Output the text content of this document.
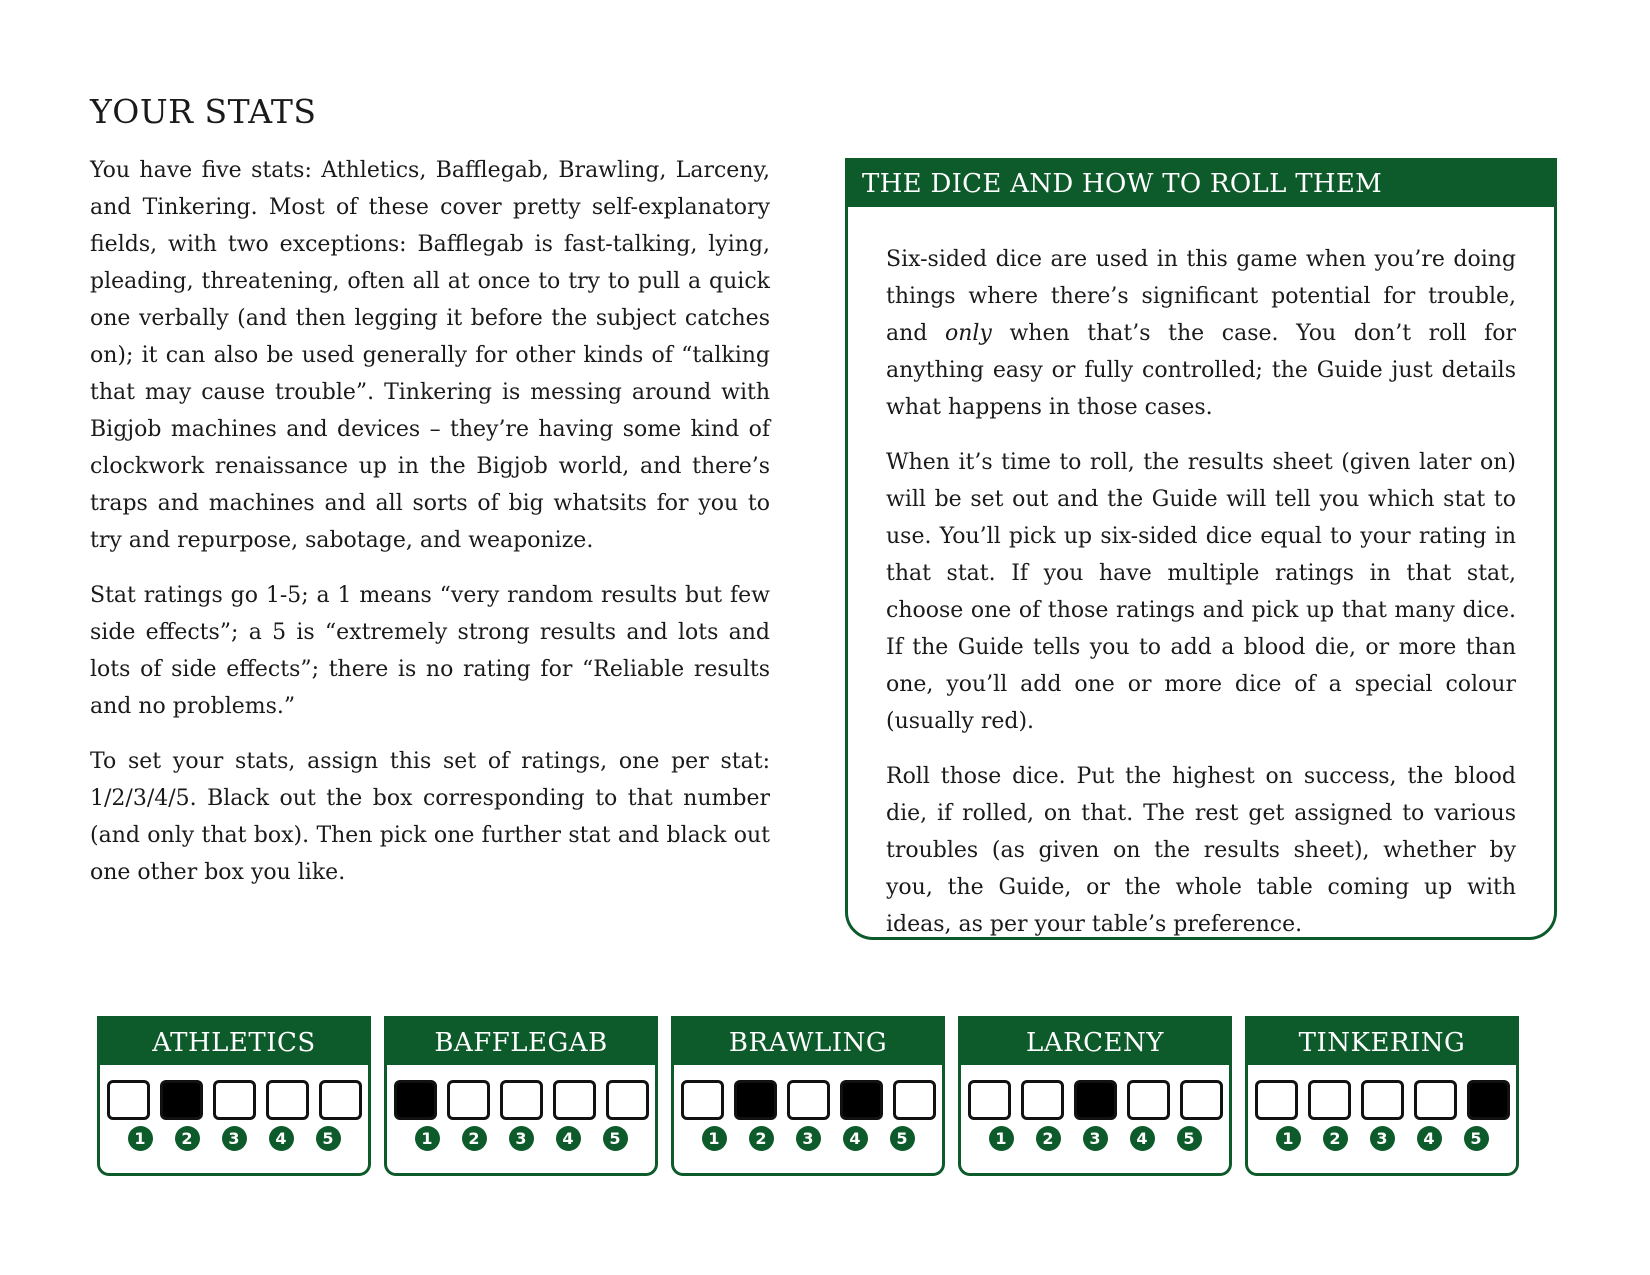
YOUR STATS

You have five stats: Athletics, Bafflegab, Brawling, Larceny, and Tinkering. Most of these cover pretty self-explanatory fields, with two exceptions: Bafflegab is fast-talking, lying, pleading, threatening, often all at once to try to pull a quick one verbally (and then legging it before the subject catches on); it can also be used generally for other kinds of “talking that may cause trouble”. Tinkering is messing around with Bigjob machines and devices – they’re having some kind of clockwork renaissance up in the Bigjob world, and there’s traps and machines and all sorts of big whatsits for you to try and repurpose, sabotage, and weaponize.

Stat ratings go 1-5; a 1 means “very random results but few side effects”; a 5 is “extremely strong results and lots and lots of side effects”; there is no rating for “Reliable results and no problems.”

To set your stats, assign this set of ratings, one per stat: 1/2/3/4/5. Black out the box corresponding to that number (and only that box). Then pick one further stat and black out one other box you like.

THE DICE AND HOW TO ROLL THEM

Six-sided dice are used in this game when you’re doing things where there’s significant potential for trouble, and only when that’s the case. You don’t roll for anything easy or fully controlled; the Guide just details what happens in those cases.

When it’s time to roll, the results sheet (given later on) will be set out and the Guide will tell you which stat to use. You’ll pick up six-sided dice equal to your rating in that stat. If you have multiple ratings in that stat, choose one of those ratings and pick up that many dice. If the Guide tells you to add a blood die, or more than one, you’ll add one or more dice of a special colour (usually red).

Roll those dice. Put the highest on success, the blood die, if rolled, on that. The rest get assigned to various troubles (as given on the results sheet), whether by you, the Guide, or the whole table coming up with ideas, as per your table’s preference.

ATHLETICS
1	2	3	4	5
BAFFLEGAB
1	2	3	4	5
BRAWLING
1	2	3	4	5
LARCENY
1	2	3	4	5
TINKERING
1	2	3	4	5
